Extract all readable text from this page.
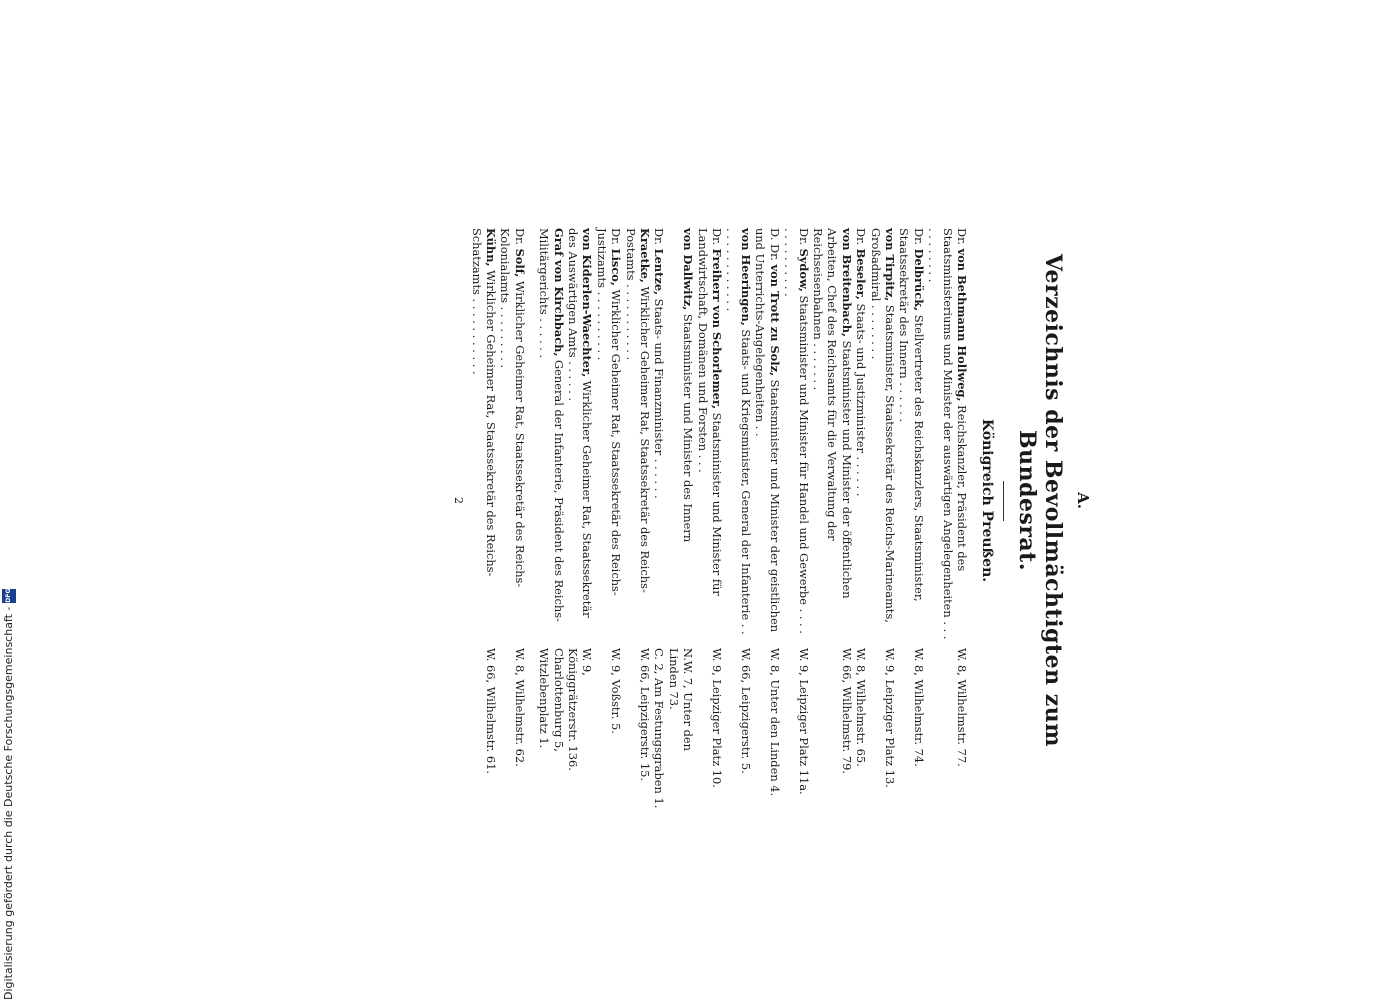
Digitalisierung gefördert durch die Deutsche Forschungsgemeinschaft -
DFG
A.
Verzeichnis der Bevollmächtigten zum Bundesrat.
Königreich Preußen.
Dr. von Bethmann Hollweg, Reichskanzler, Präsident des Staatsministeriums und Minister der auswärtigen Angelegenheiten . . . . . . . . . . .
W. 8, Wilhelmstr. 77.
Dr. Delbrück, Stellvertreter des Reichskanzlers, Staatsminister, Staatssekretär des Innern . . . . . .
W. 8, Wilhelmstr. 74.
von Tirpitz, Staatsminister, Staatssekretär des Reichs-Marineamts, Großadmiral . . . . . . . .
W. 9, Leipziger Platz 13.
Dr. Beseler, Staats- und Justizminister . . . . . .
W. 8, Wilhelmstr. 65.
von Breitenbach, Staatsminister und Minister der öffentlichen Arbeiten, Chef des Reichsamts für die Verwaltung der Reichseisenbahnen . . . . . . .
W. 66, Wilhelmstr. 79.
Dr. Sydow, Staatsminister und Minister für Handel und Gewerbe . . . . . . . . . . . . . .
W. 9, Leipziger Platz 11a.
D. Dr. von Trott zu Solz, Staatsminister und Minister der geistlichen und Unterrichts-Angelegenheiten . .
W. 8, Unter den Linden 4.
von Heeringen, Staats- und Kriegsminister, General der Infanterie . . . . . . . . . . . . . .
W. 66, Leipzigerstr. 5.
Dr. Freiherr von Schorlemer, Staatsminister und Minister für Landwirtschaft, Domänen und Forsten . . .
W. 9, Leipziger Platz 10.
von Dallwitz, Staatsminister und Minister des Innern
N.W. 7, Unter den Linden 73.
Dr. Lentze, Staats- und Finanzminister . . . . . .
C. 2, Am Festungsgraben 1.
Kraetke, Wirklicher Geheimer Rat, Staatssekretär des Reichs-Postamts . . . . . . . . . . .
W. 66, Leipzigerstr. 15.
Dr. Lisco, Wirklicher Geheimer Rat, Staatssekretär des Reichs-Justizamts . . . . . . . . . .
W. 9, Voßstr. 5.
von Kiderlen-Waechter, Wirklicher Geheimer Rat, Staatssekretär des Auswärtigen Amts . . . . . .
W. 9, Königgrätzerstr. 136.
Graf von Kirchbach, General der Infanterie, Präsident des Reichs-Militärgerichts . . . . . .
Charlottenburg 5, Witzlebenplatz 1.
Dr. Solf, Wirklicher Geheimer Rat, Staatssekretär des Reichs-Kolonialamts . . . . . . . . .
W. 8, Wilhelmstr. 62.
Kühn, Wirklicher Geheimer Rat, Staatssekretär des Reichs-Schatzamts . . . . . . . . . . .
W. 66, Wilhelmstr. 61.
2
